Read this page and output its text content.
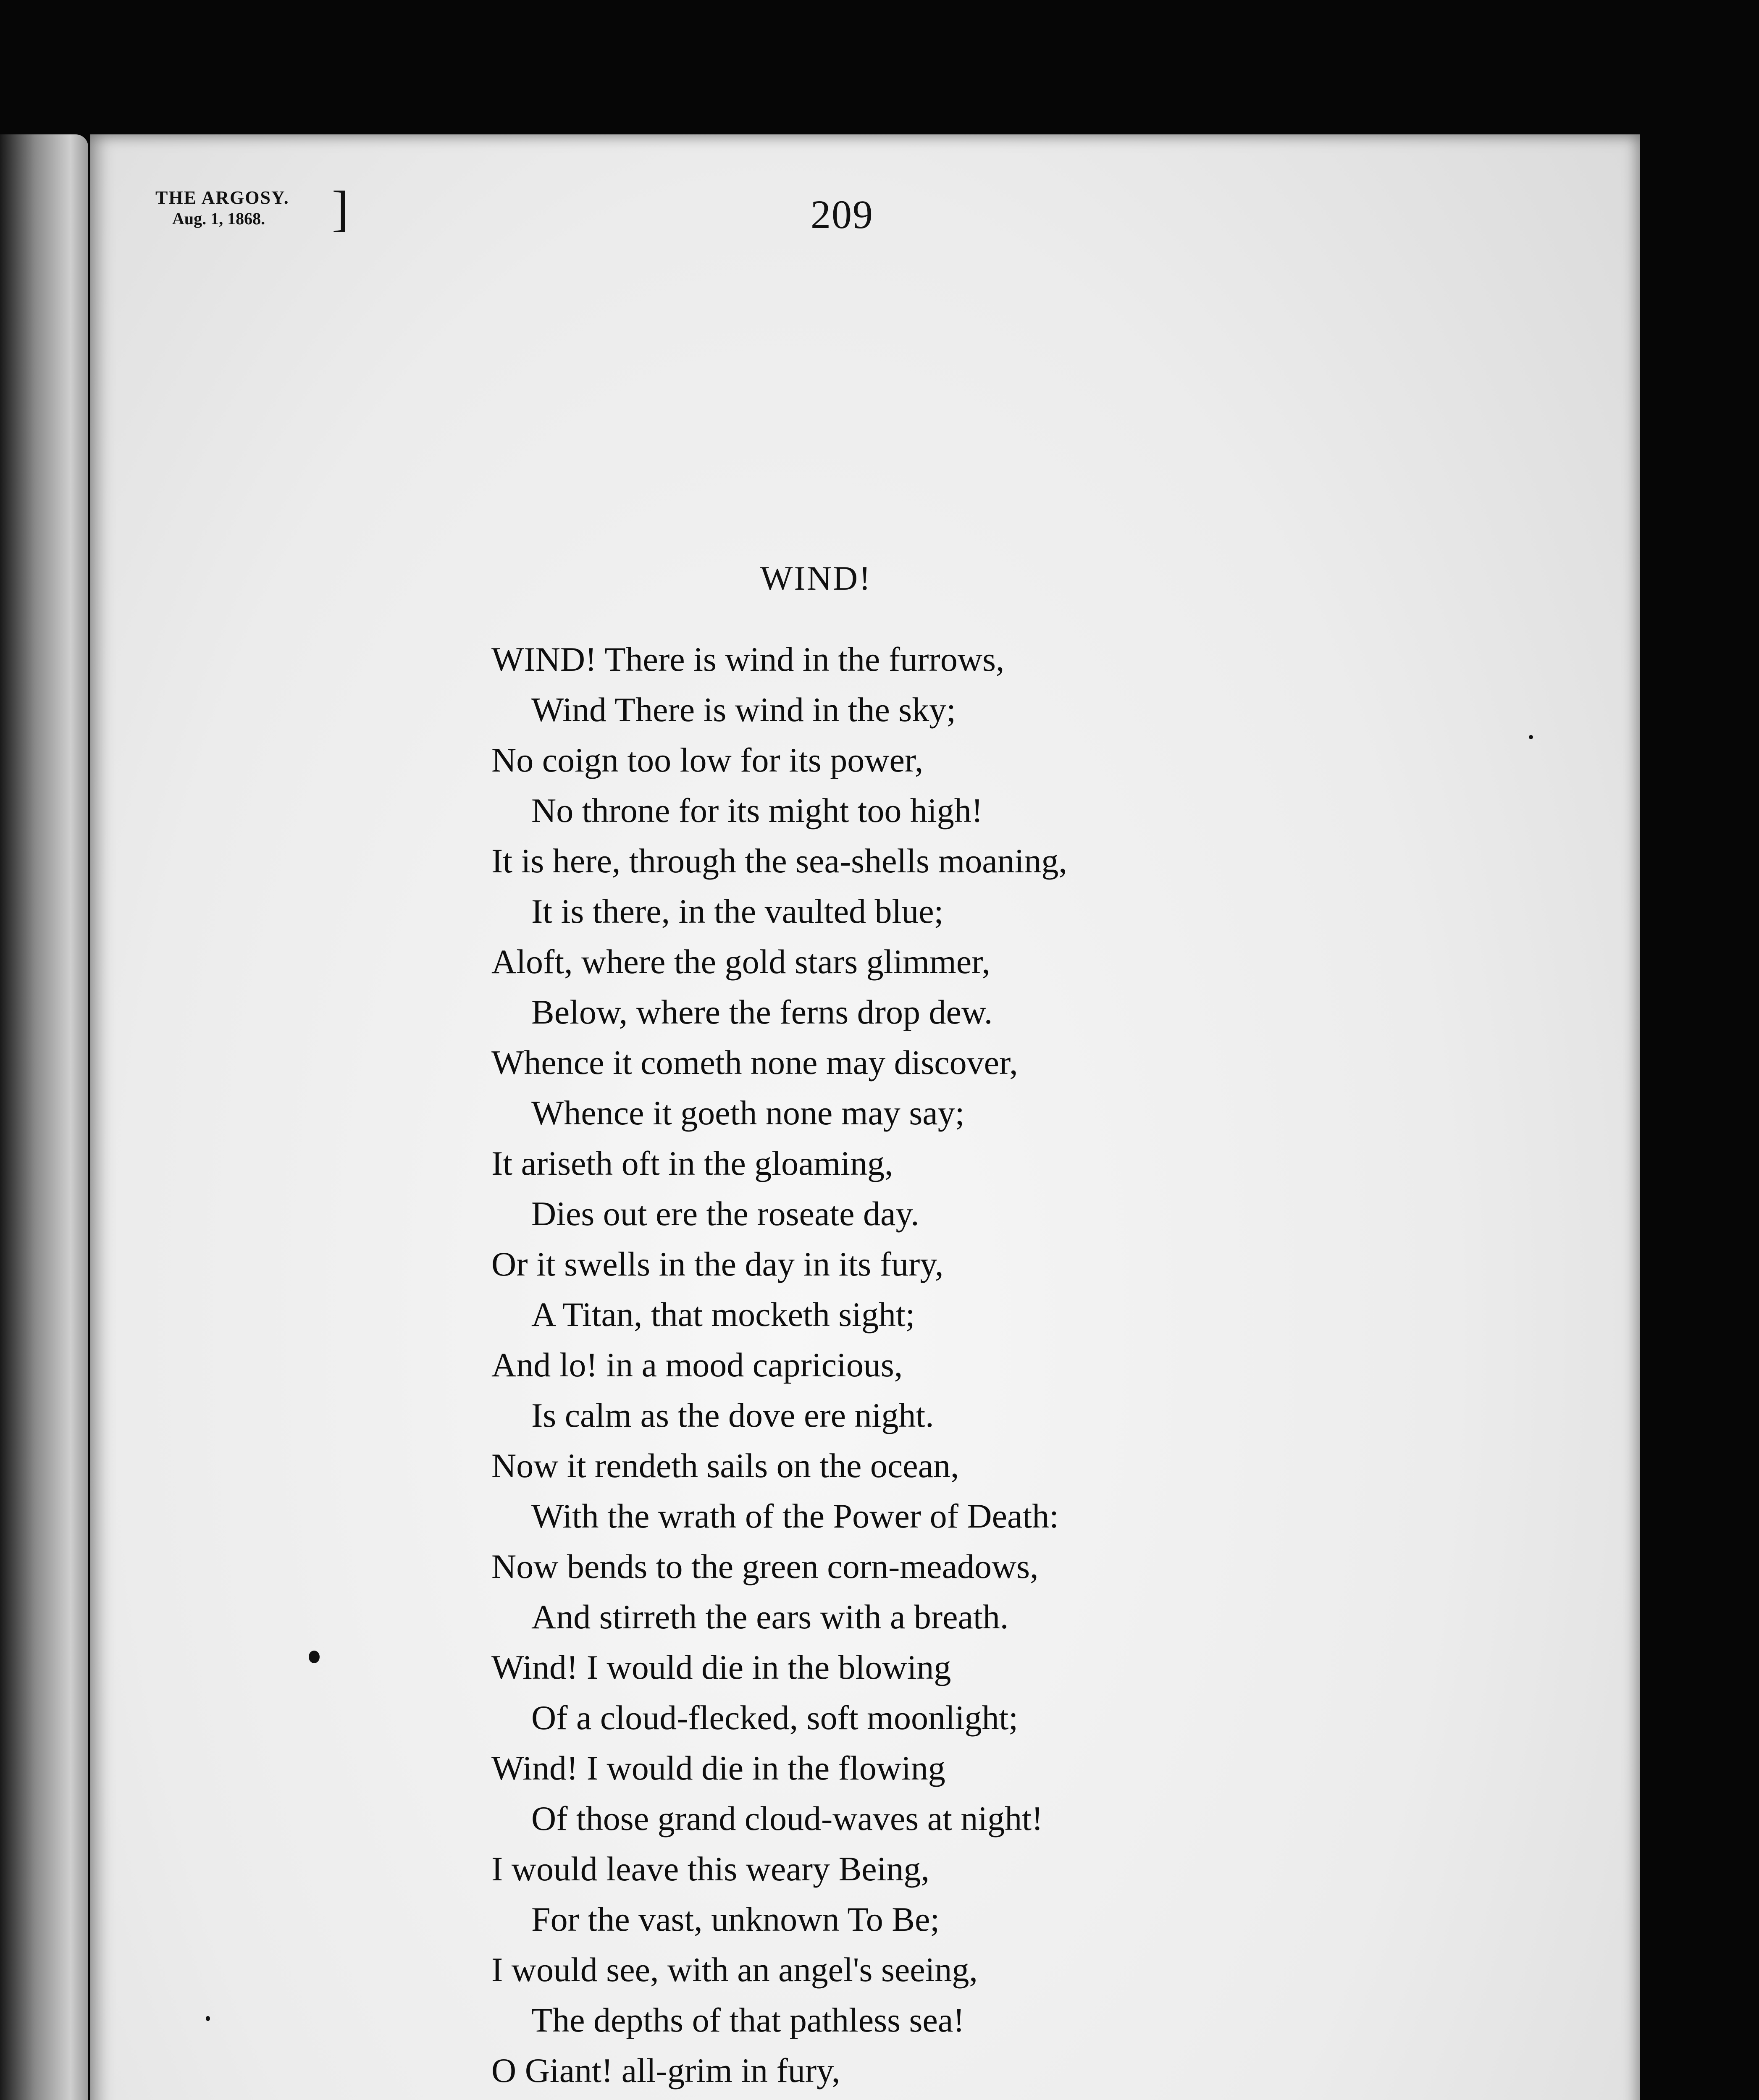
THE ARGOSY.
Aug. 1, 1868. ]	209
WIND!
WIND! There is wind in the furrows,
Wind There is wind in the sky;
No coign too low for its power,
No throne for its might too high!
It is here, through the sea-shells moaning,
It is there, in the vaulted blue;
Aloft, where the gold stars glimmer,
Below, where the ferns drop dew.
Whence it cometh none may discover,
Whence it goeth none may say;
It ariseth oft in the gloaming,
Dies out ere the roseate day.
Or it swells in the day in its fury,
A Titan, that mocketh sight;
And lo! in a mood capricious,
Is calm as the dove ere night.
Now it rendeth sails on the ocean,
With the wrath of the Power of Death:
Now bends to the green corn-meadows,
And stirreth the ears with a breath.
Wind! I would die in the blowing
Of a cloud-flecked, soft moonlight;
Wind! I would die in the flowing
Of those grand cloud-waves at night!
I would leave this weary Being,
For the vast, unknown To Be;
I would see, with an angel's seeing,
The depths of that pathless sea!
O Giant! all-grim in fury,
